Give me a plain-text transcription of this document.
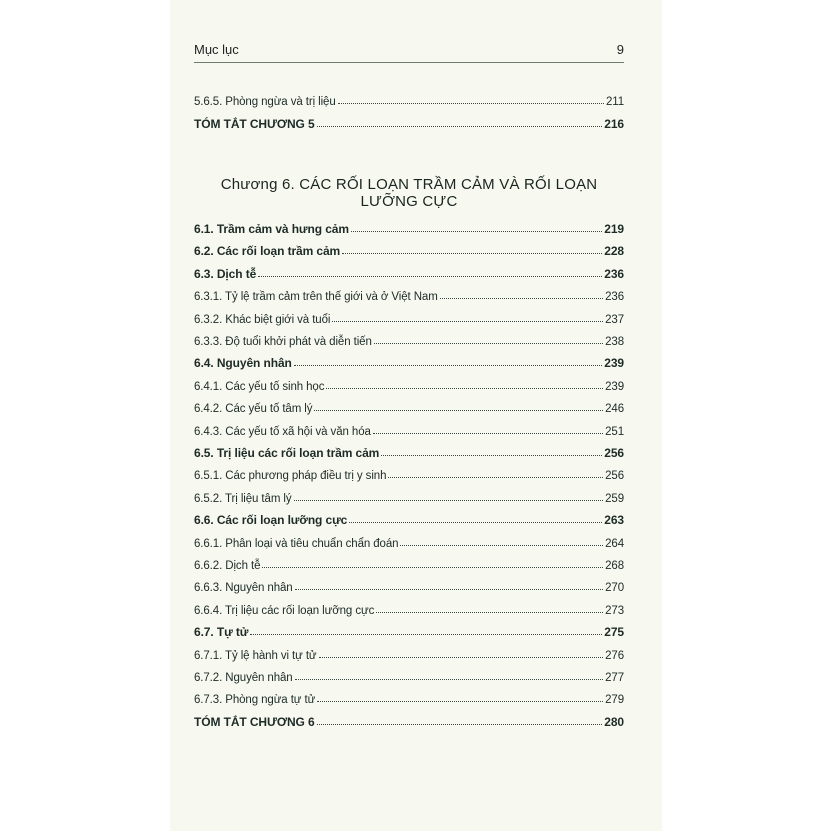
Mục lục	9
5.6.5. Phòng ngừa và trị liệu	211
TÓM TẮT CHƯƠNG 5	216
Chương 6. CÁC RỐI LOẠN TRẦM CẢM VÀ RỐI LOẠN LƯỠNG CỰC
6.1. Trầm cảm và hưng cảm	219
6.2. Các rối loạn trầm cảm	228
6.3. Dịch tễ	236
6.3.1. Tỷ lệ trầm cảm trên thế giới và ở Việt Nam	236
6.3.2. Khác biệt giới và tuổi	237
6.3.3. Độ tuổi khởi phát và diễn tiến	238
6.4. Nguyên nhân	239
6.4.1. Các yếu tố sinh học	239
6.4.2. Các yếu tố tâm lý	246
6.4.3. Các yếu tố xã hội và văn hóa	251
6.5. Trị liệu các rối loạn trầm cảm	256
6.5.1. Các phương pháp điều trị y sinh	256
6.5.2. Trị liệu tâm lý	259
6.6. Các rối loạn lưỡng cực	263
6.6.1. Phân loại và tiêu chuẩn chẩn đoán	264
6.6.2. Dịch tễ	268
6.6.3. Nguyên nhân	270
6.6.4. Trị liệu các rối loạn lưỡng cực	273
6.7. Tự tử	275
6.7.1. Tỷ lệ hành vi tự tử	276
6.7.2. Nguyên nhân	277
6.7.3. Phòng ngừa tự tử	279
TÓM TẮT CHƯƠNG 6	280
